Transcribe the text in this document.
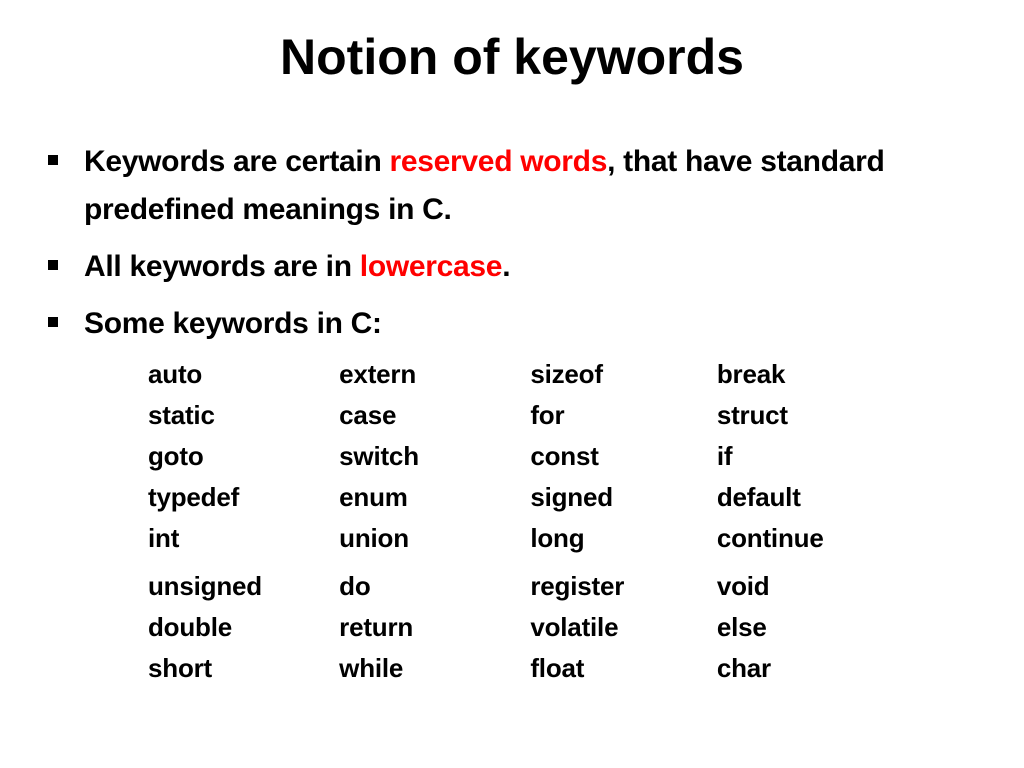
Notion of keywords
Keywords are certain reserved words, that have standard predefined meanings in C.
All keywords are in lowercase.
Some keywords in C:
auto	extern	sizeof	break
static	case	for	struct
goto	switch	const	if
typedef	enum	signed	default
int	union	long	continue
unsigned	do	register	void
double	return	volatile	else
short	while	float	char
